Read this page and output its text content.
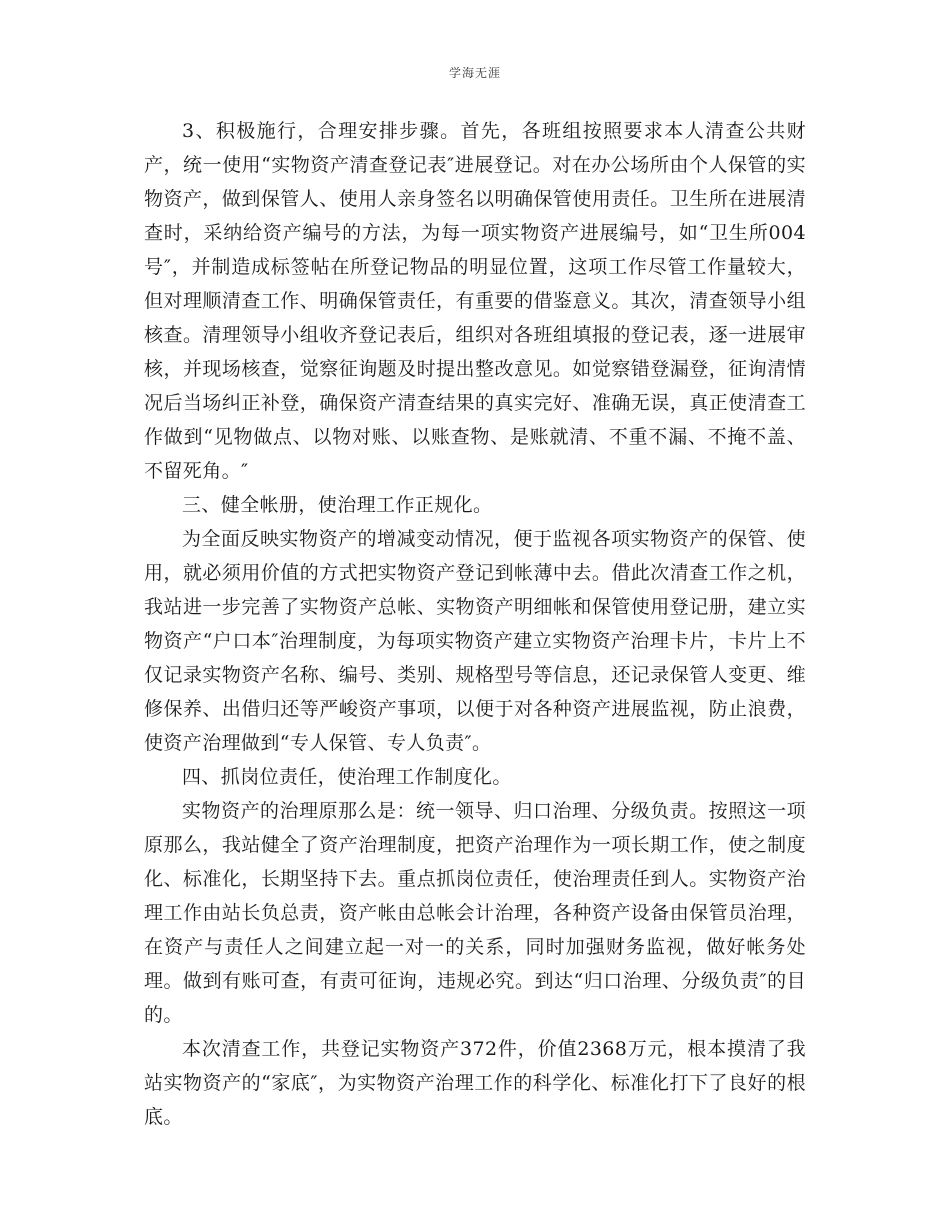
学海无涯

3、积极施行，合理安排步骤。首先，各班组按照要求本人清查公共财产，统一使用“实物资产清查登记表″进展登记。对在办公场所由个人保管的实物资产，做到保管人、使用人亲身签名以明确保管使用责任。卫生所在进展清查时，采纳给资产编号的方法，为每一项实物资产进展编号，如“卫生所004号″，并制造成标签帖在所登记物品的明显位置，这项工作尽管工作量较大，但对理顺清查工作、明确保管责任，有重要的借鉴意义。其次，清查领导小组核查。清理领导小组收齐登记表后，组织对各班组填报的登记表，逐一进展审核，并现场核查，觉察征询题及时提出整改意见。如觉察错登漏登，征询清情况后当场纠正补登，确保资产清查结果的真实完好、准确无误，真正使清查工作做到“见物做点、以物对账、以账查物、是账就清、不重不漏、不掩不盖、不留死角。″

三、健全帐册，使治理工作正规化。

为全面反映实物资产的增减变动情况，便于监视各项实物资产的保管、使用，就必须用价值的方式把实物资产登记到帐薄中去。借此次清查工作之机，我站进一步完善了实物资产总帐、实物资产明细帐和保管使用登记册，建立实物资产“户口本″治理制度，为每项实物资产建立实物资产治理卡片，卡片上不仅记录实物资产名称、编号、类别、规格型号等信息，还记录保管人变更、维修保养、出借归还等严峻资产事项，以便于对各种资产进展监视，防止浪费，使资产治理做到“专人保管、专人负责″。

四、抓岗位责任，使治理工作制度化。

实物资产的治理原那么是：统一领导、归口治理、分级负责。按照这一项原那么，我站健全了资产治理制度，把资产治理作为一项长期工作，使之制度化、标准化，长期坚持下去。重点抓岗位责任，使治理责任到人。实物资产治理工作由站长负总责，资产帐由总帐会计治理，各种资产设备由保管员治理，在资产与责任人之间建立起一对一的关系，同时加强财务监视，做好帐务处理。做到有账可查，有责可征询，违规必究。到达“归口治理、分级负责″的目的。

本次清查工作，共登记实物资产372件，价值2368万元，根本摸清了我站实物资产的“家底″，为实物资产治理工作的科学化、标准化打下了良好的根底。
